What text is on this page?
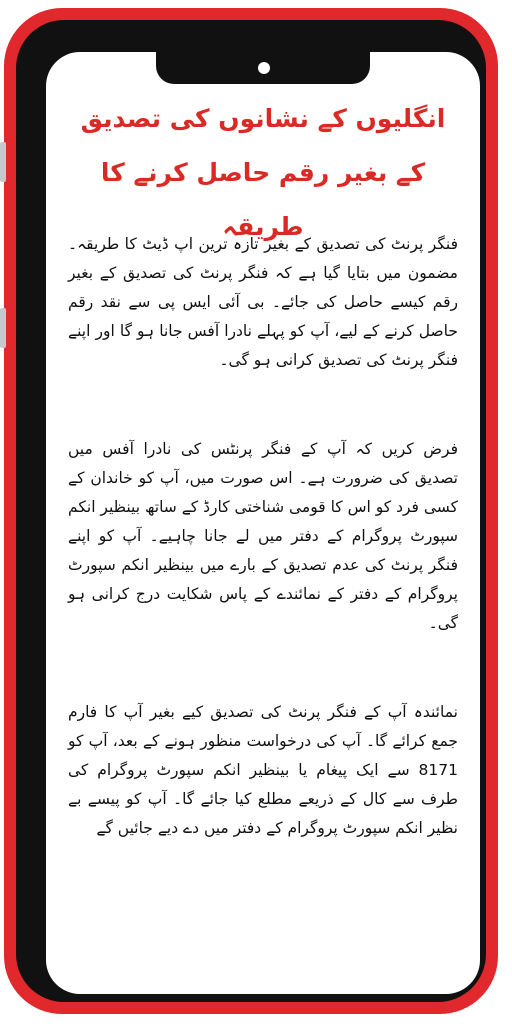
انگلیوں کے نشانوں کی تصدیق کے بغیر رقم حاصل کرنے کا طریقہ

فنگر پرنٹ کی تصدیق کے بغیر تازہ ترین اپ ڈیٹ کا طریقہ۔ مضمون میں بتایا گیا ہے کہ فنگر پرنٹ کی تصدیق کے بغیر رقم کیسے حاصل کی جائے۔ بی آئی ایس پی سے نقد رقم حاصل کرنے کے لیے، آپ کو پہلے نادرا آفس جانا ہو گا اور اپنے فنگر پرنٹ کی تصدیق کرانی ہو گی۔

فرض کریں کہ آپ کے فنگر پرنٹس کی نادرا آفس میں تصدیق کی ضرورت ہے۔ اس صورت میں، آپ کو خاندان کے کسی فرد کو اس کا قومی شناختی کارڈ کے ساتھ بینظیر انکم سپورٹ پروگرام کے دفتر میں لے جانا چاہیے۔ آپ کو اپنے فنگر پرنٹ کی عدم تصدیق کے بارے میں بینظیر انکم سپورٹ پروگرام کے دفتر کے نمائندے کے پاس شکایت درج کرانی ہو گی۔

نمائندہ آپ کے فنگر پرنٹ کی تصدیق کیے بغیر آپ کا فارم جمع کرائے گا۔ آپ کی درخواست منظور ہونے کے بعد، آپ کو 8171 سے ایک پیغام یا بینظیر انکم سپورٹ پروگرام کی طرف سے کال کے ذریعے مطلع کیا جائے گا۔ آپ کو پیسے بے نظیر انکم سپورٹ پروگرام کے دفتر میں دے دیے جائیں گے
